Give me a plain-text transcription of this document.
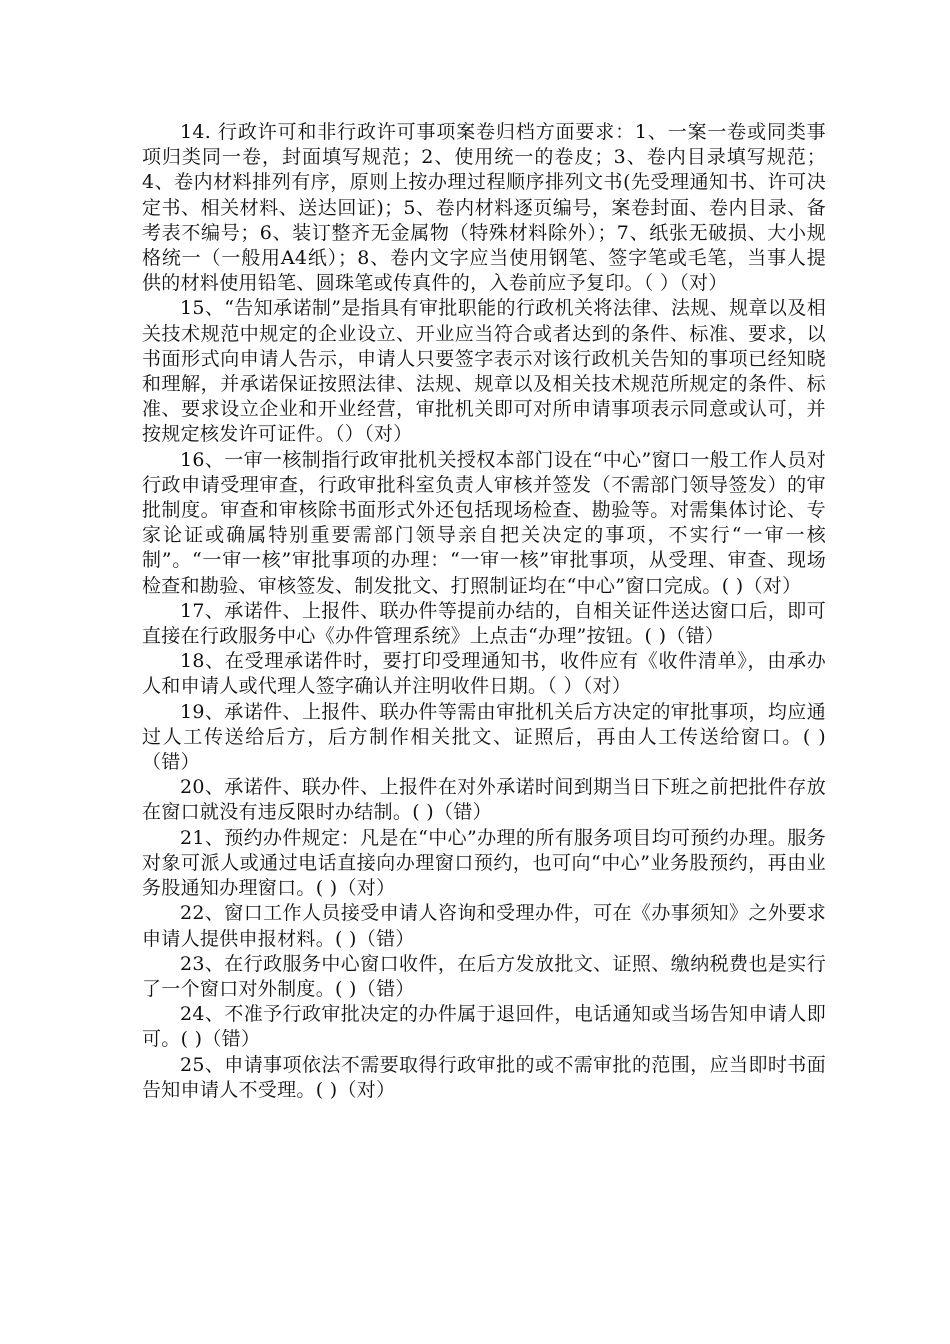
14. 行政许可和非行政许可事项案卷归档方面要求：1、一案一卷或同类事项归类同一卷，封面填写规范；2、使用统一的卷皮；3、卷内目录填写规范；4、卷内材料排列有序，原则上按办理过程顺序排列文书(先受理通知书、许可决定书、相关材料、送达回证)；5、卷内材料逐页编号，案卷封面、卷内目录、备考表不编号；6、装订整齐无金属物（特殊材料除外）；7、纸张无破损、大小规格统一（一般用A4纸）；8、卷内文字应当使用钢笔、签字笔或毛笔，当事人提供的材料使用铅笔、圆珠笔或传真件的，入卷前应予复印。（ ）（对）

15、“告知承诺制”是指具有审批职能的行政机关将法律、法规、规章以及相关技术规范中规定的企业设立、开业应当符合或者达到的条件、标准、要求，以书面形式向申请人告示，申请人只要签字表示对该行政机关告知的事项已经知晓和理解，并承诺保证按照法律、法规、规章以及相关技术规范所规定的条件、标准、要求设立企业和开业经营，审批机关即可对所申请事项表示同意或认可，并按规定核发许可证件。（）（对）

16、一审一核制指行政审批机关授权本部门设在“中心”窗口一般工作人员对行政申请受理审查，行政审批科室负责人审核并签发（不需部门领导签发）的审批制度。审查和审核除书面形式外还包括现场检查、勘验等。对需集体讨论、专家论证或确属特别重要需部门领导亲自把关决定的事项，不实行“一审一核制”。“一审一核”审批事项的办理：“一审一核”审批事项，从受理、审查、现场检查和勘验、审核签发、制发批文、打照制证均在“中心”窗口完成。( )（对）

17、承诺件、上报件、联办件等提前办结的，自相关证件送达窗口后，即可直接在行政服务中心《办件管理系统》上点击“办理”按钮。( )（错）

18、在受理承诺件时，要打印受理通知书，收件应有《收件清单》，由承办人和申请人或代理人签字确认并注明收件日期。（ ）（对）

19、承诺件、上报件、联办件等需由审批机关后方决定的审批事项，均应通过人工传送给后方，后方制作相关批文、证照后，再由人工传送给窗口。( )（错）

20、承诺件、联办件、上报件在对外承诺时间到期当日下班之前把批件存放在窗口就没有违反限时办结制。( )（错）

21、预约办件规定：凡是在“中心”办理的所有服务项目均可预约办理。服务对象可派人或通过电话直接向办理窗口预约，也可向“中心”业务股预约，再由业务股通知办理窗口。( )（对）

22、窗口工作人员接受申请人咨询和受理办件，可在《办事须知》之外要求申请人提供申报材料。( )（错）

23、在行政服务中心窗口收件，在后方发放批文、证照、缴纳税费也是实行了一个窗口对外制度。( )（错）

24、不准予行政审批决定的办件属于退回件，电话通知或当场告知申请人即可。( )（错）

25、申请事项依法不需要取得行政审批的或不需审批的范围，应当即时书面告知申请人不受理。( )（对）
